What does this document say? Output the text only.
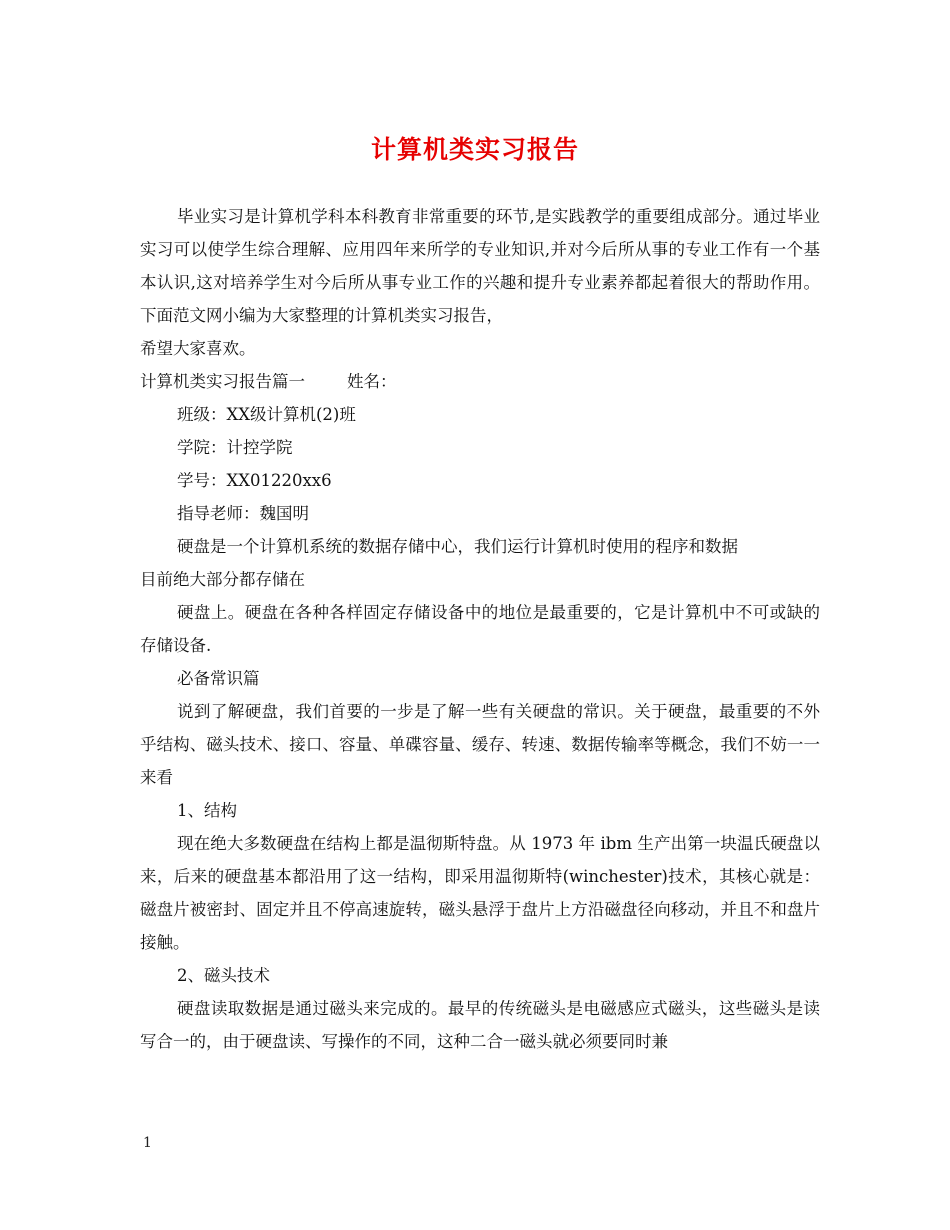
计算机类实习报告

毕业实习是计算机学科本科教育非常重要的环节,是实践教学的重要组成部分。通过毕业实习可以使学生综合理解、应用四年来所学的专业知识,并对今后所从事的专业工作有一个基本认识,这对培养学生对今后所从事专业工作的兴趣和提升专业素养都起着很大的帮助作用。下面范文网小编为大家整理的计算机类实习报告，

希望大家喜欢。

计算机类实习报告篇一	姓名：

班级：XX级计算机(2)班

学院：计控学院

学号：XX01220xx6

指导老师：魏国明

硬盘是一个计算机系统的数据存储中心，我们运行计算机时使用的程序和数据

目前绝大部分都存储在

硬盘上。硬盘在各种各样固定存储设备中的地位是最重要的，它是计算机中不可或缺的存储设备.

必备常识篇

说到了解硬盘，我们首要的一步是了解一些有关硬盘的常识。关于硬盘，最重要的不外乎结构、磁头技术、接口、容量、单碟容量、缓存、转速、数据传输率等概念，我们不妨一一来看

1、结构

现在绝大多数硬盘在结构上都是温彻斯特盘。从 1973 年 ibm 生产出第一块温氏硬盘以来，后来的硬盘基本都沿用了这一结构，即采用温彻斯特(winchester)技术，其核心就是：磁盘片被密封、固定并且不停高速旋转，磁头悬浮于盘片上方沿磁盘径向移动，并且不和盘片接触。

2、磁头技术

硬盘读取数据是通过磁头来完成的。最早的传统磁头是电磁感应式磁头，这些磁头是读写合一的，由于硬盘读、写操作的不同，这种二合一磁头就必须要同时兼

1
